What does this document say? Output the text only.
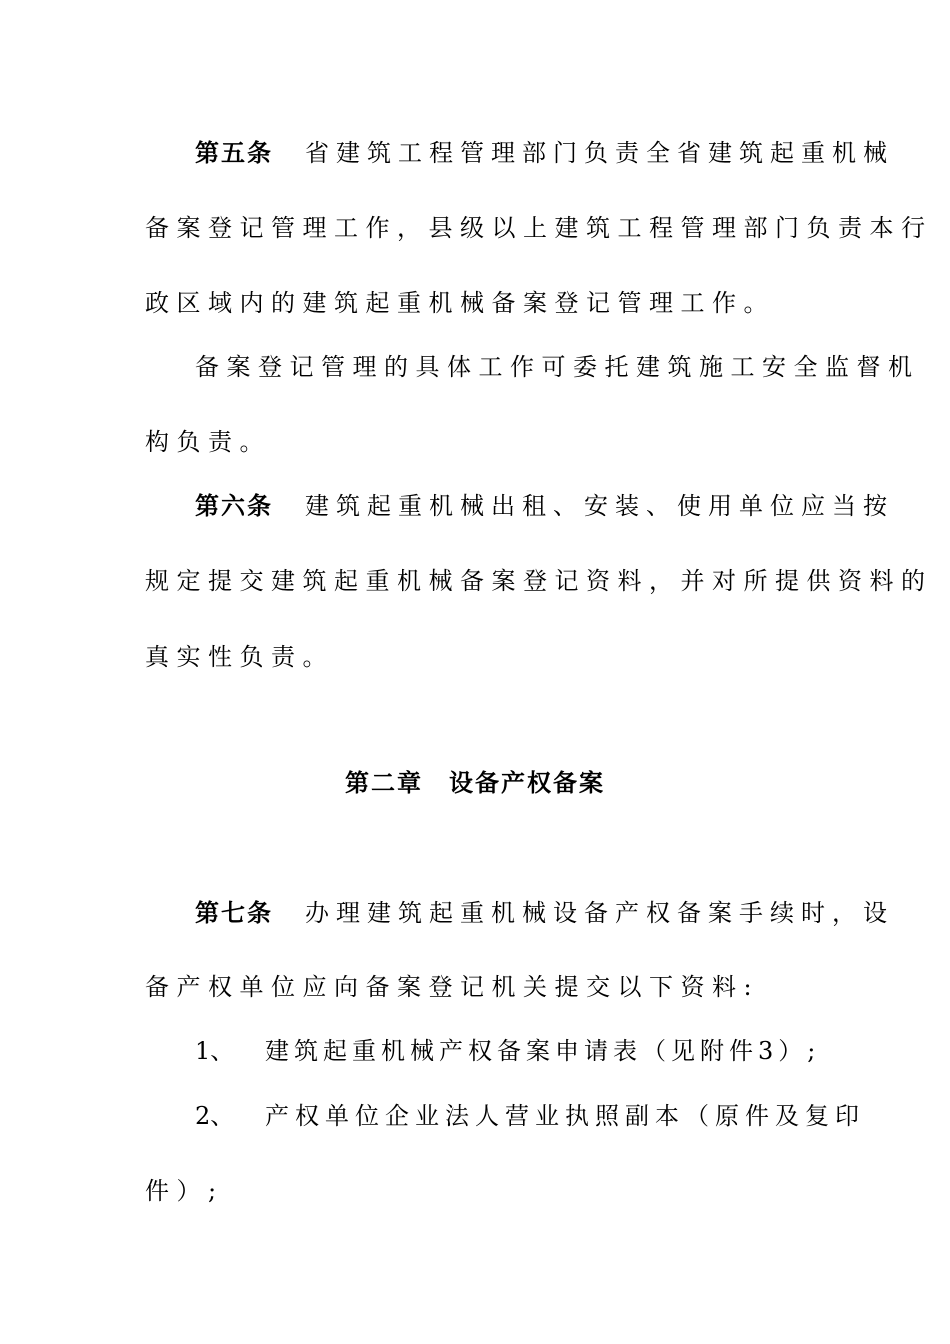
第五条 省建筑工程管理部门负责全省建筑起重机械
备案登记管理工作，县级以上建筑工程管理部门负责本行
政区域内的建筑起重机械备案登记管理工作。
备案登记管理的具体工作可委托建筑施工安全监督机
构负责。
第六条 建筑起重机械出租、安装、使用单位应当按
规定提交建筑起重机械备案登记资料，并对所提供资料的
真实性负责。
第二章　设备产权备案
第七条 办理建筑起重机械设备产权备案手续时，设
备产权单位应向备案登记机关提交以下资料:
1、 建筑起重机械产权备案申请表（见附件3）;
2、 产权单位企业法人营业执照副本（原件及复印
件）;
